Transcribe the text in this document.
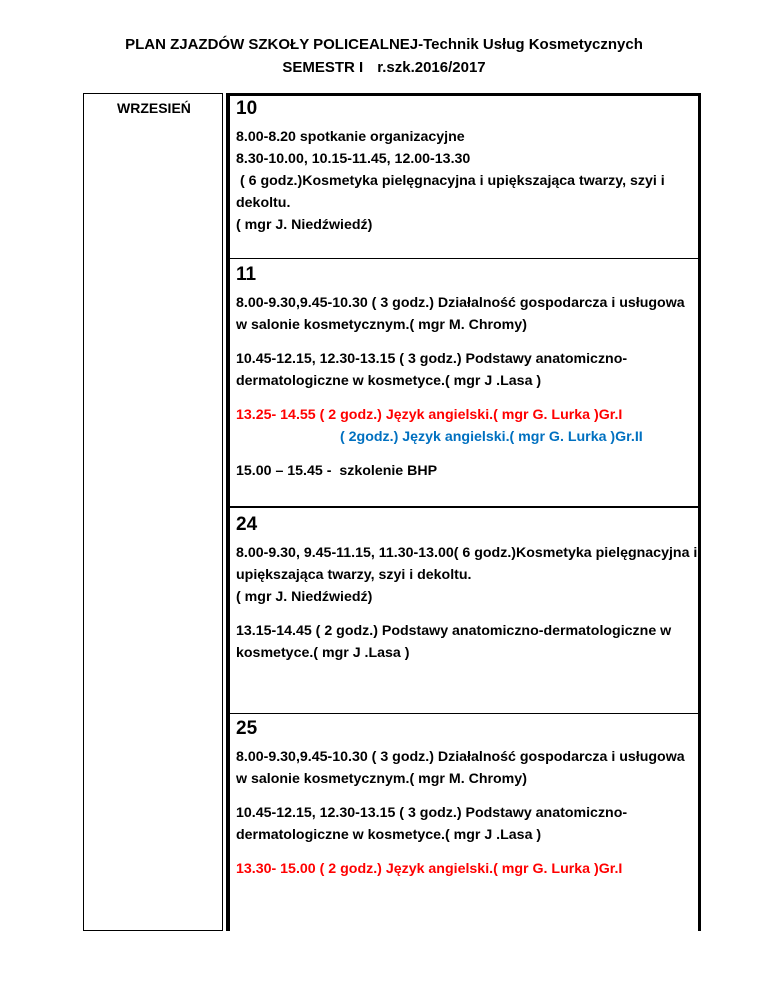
PLAN ZJAZDÓW SZKOŁY POLICEALNEJ-Technik Usług Kosmetycznych
SEMESTR I r.szk.2016/2017
WRZESIEŃ 10

8.00-8.20 spotkanie organizacyjne

8.30-10.00, 10.15-11.45, 12.00-13.30

( 6 godz.)Kosmetyka pielęgnacyjna i upiększająca twarzy, szyi i dekoltu.

( mgr J. Niedźwiedź)

11

8.00-9.30,9.45-10.30 ( 3 godz.) Działalność gospodarcza i usługowa w salonie kosmetycznym.( mgr M. Chromy)

10.45-12.15, 12.30-13.15 ( 3 godz.) Podstawy anatomiczno-dermatologiczne w kosmetyce.( mgr J .Lasa )

13.25- 14.55 ( 2 godz.) Język angielski.( mgr G. Lurka )Gr.I

( 2godz.) Język angielski.( mgr G. Lurka )Gr.II

15.00 – 15.45 -  szkolenie BHP

24

8.00-9.30, 9.45-11.15, 11.30-13.00( 6 godz.)Kosmetyka pielęgnacyjna i upiększająca twarzy, szyi i dekoltu.

( mgr J. Niedźwiedź)

13.15-14.45 ( 2 godz.) Podstawy anatomiczno-dermatologiczne w kosmetyce.( mgr J .Lasa )

25

8.00-9.30,9.45-10.30 ( 3 godz.) Działalność gospodarcza i usługowa w salonie kosmetycznym.( mgr M. Chromy)

10.45-12.15, 12.30-13.15 ( 3 godz.) Podstawy anatomiczno-dermatologiczne w kosmetyce.( mgr J .Lasa )

13.30- 15.00 ( 2 godz.) Język angielski.( mgr G. Lurka )Gr.I
